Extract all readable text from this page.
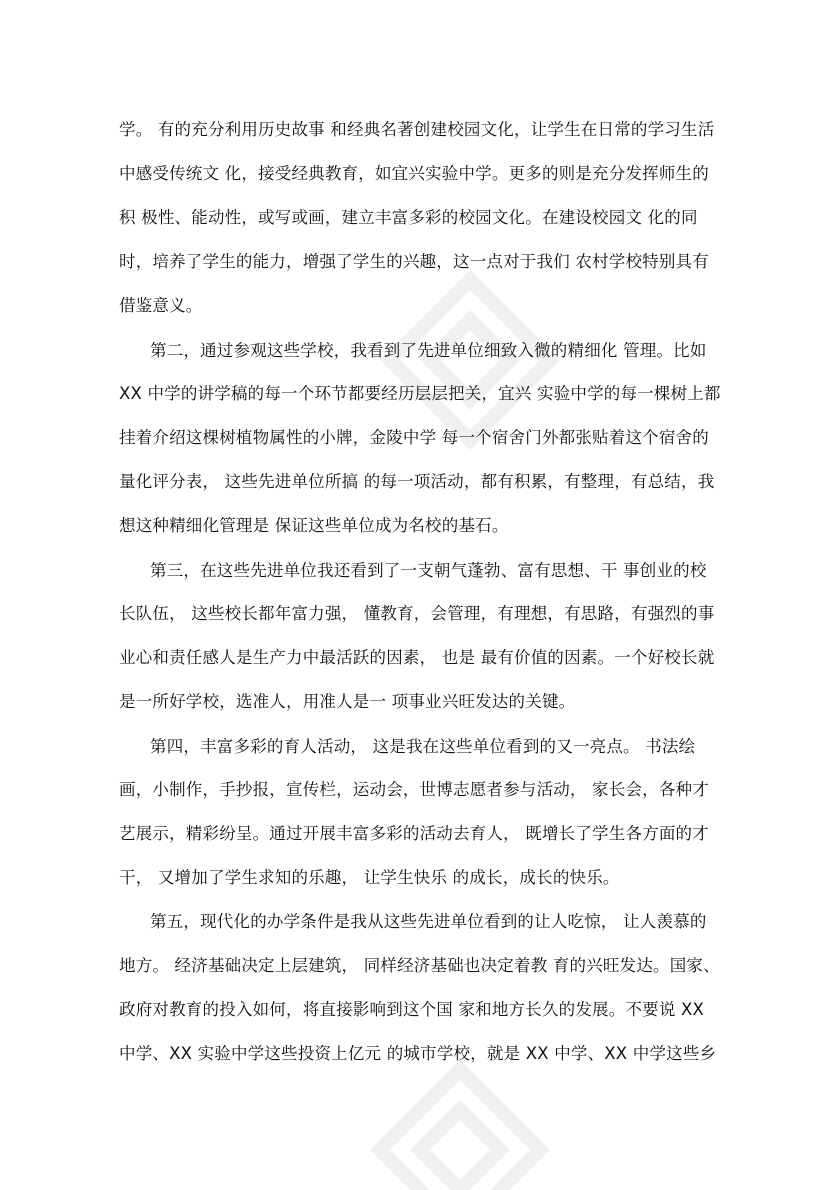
学。 有的充分利用历史故事 和经典名著创建校园文化，让学生在日常的学习生活
中感受传统文 化，接受经典教育，如宜兴实验中学。更多的则是充分发挥师生的
积 极性、能动性，或写或画，建立丰富多彩的校园文化。在建设校园文 化的同
时，培养了学生的能力，增强了学生的兴趣，这一点对于我们 农村学校特别具有
借鉴意义。
第二，通过参观这些学校，我看到了先进单位细致入微的精细化 管理。比如
XX 中学的讲学稿的每一个环节都要经历层层把关，宜兴 实验中学的每一棵树上都
挂着介绍这棵树植物属性的小牌，金陵中学 每一个宿舍门外都张贴着这个宿舍的
量化评分表， 这些先进单位所搞 的每一项活动，都有积累，有整理，有总结，我
想这种精细化管理是 保证这些单位成为名校的基石。
第三，在这些先进单位我还看到了一支朝气蓬勃、富有思想、干 事创业的校
长队伍， 这些校长都年富力强， 懂教育，会管理，有理想，有思路，有强烈的事
业心和责任感人是生产力中最活跃的因素， 也是 最有价值的因素。一个好校长就
是一所好学校，选准人，用准人是一 项事业兴旺发达的关键。
第四，丰富多彩的育人活动， 这是我在这些单位看到的又一亮点。 书法绘
画，小制作，手抄报，宣传栏，运动会，世博志愿者参与活动， 家长会，各种才
艺展示，精彩纷呈。通过开展丰富多彩的活动去育人， 既增长了学生各方面的才
干， 又增加了学生求知的乐趣， 让学生快乐 的成长，成长的快乐。
第五，现代化的办学条件是我从这些先进单位看到的让人吃惊， 让人羡慕的
地方。 经济基础决定上层建筑， 同样经济基础也决定着教 育的兴旺发达。国家、
政府对教育的投入如何，将直接影响到这个国 家和地方长久的发展。不要说 XX
中学、XX 实验中学这些投资上亿元 的城市学校，就是 XX 中学、XX 中学这些乡
